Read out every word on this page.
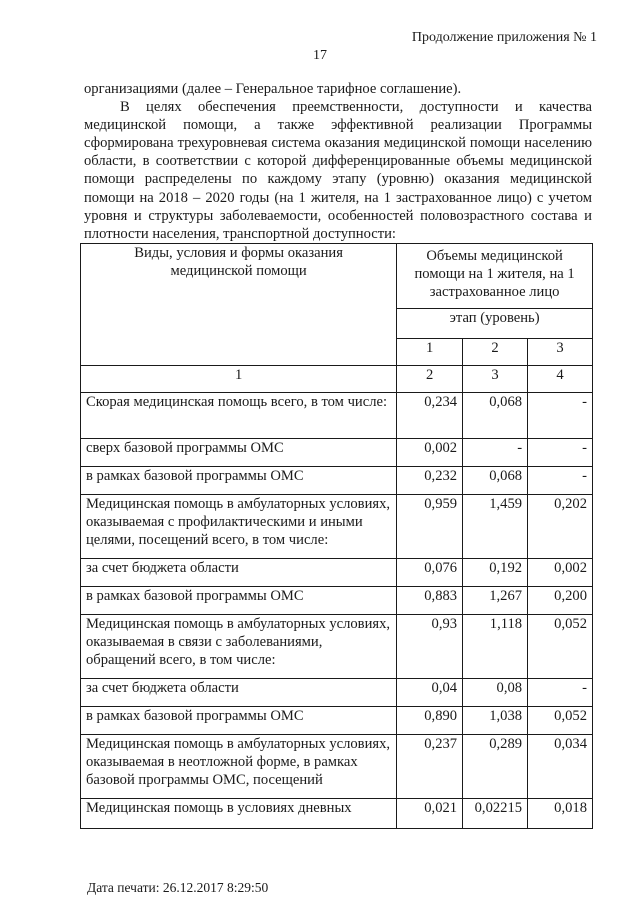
Продолжение приложения № 1
17

организациями (далее – Генеральное тарифное соглашение).

В целях обеспечения преемственности, доступности и качества медицинской помощи, а также эффективной реализации Программы сформирована трехуровневая система оказания медицинской помощи населению области, в соответствии с которой дифференцированные объемы медицинской помощи распределены по каждому этапу (уровню) оказания медицинской помощи на 2018 – 2020 годы (на 1 жителя, на 1 застрахованное лицо) с учетом уровня и структуры заболеваемости, особенностей половозрастного состава и плотности населения, транспортной доступности:

Виды, условия и формы оказания медицинской помощи	Объемы медицинской помощи на 1 жителя, на 1 застрахованное лицо		
	этап (уровень)		
	1	2	3
1	2	3	4
Скорая медицинская помощь всего, в том числе:	0,234	0,068	-
сверх базовой программы ОМС	0,002	-	-
в рамках базовой программы ОМС	0,232	0,068	-
Медицинская помощь в амбулаторных условиях, оказываемая с профилактическими и иными целями, посещений всего, в том числе:	0,959	1,459	0,202
за счет бюджета области	0,076	0,192	0,002
в рамках базовой программы ОМС	0,883	1,267	0,200
Медицинская помощь в амбулаторных условиях, оказываемая в связи с заболеваниями, обращений всего, в том числе:	0,93	1,118	0,052
за счет бюджета области	0,04	0,08	-
в рамках базовой программы ОМС	0,890	1,038	0,052
Медицинская помощь в амбулаторных условиях, оказываемая в неотложной форме, в рамках базовой программы ОМС, посещений	0,237	0,289	0,034
Медицинская помощь в условиях дневных	0,021	0,02215	0,018
Дата печати: 26.12.2017 8:29:50
